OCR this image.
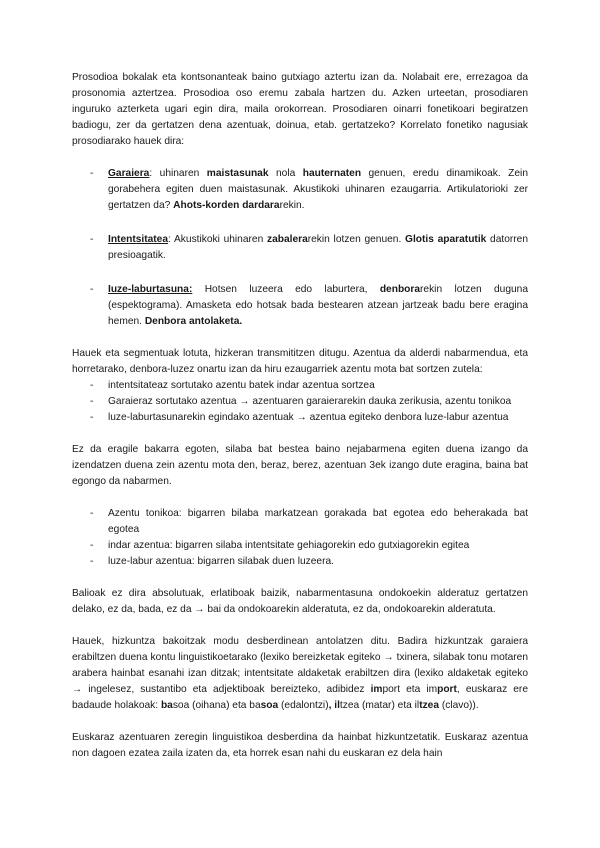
Prosodioa bokalak eta kontsonanteak baino gutxiago aztertu izan da. Nolabait ere, errezagoa da prosonomia aztertzea. Prosodioa oso eremu zabala hartzen du. Azken urteetan, prosodiaren inguruko azterketa ugari egin dira, maila orokorrean. Prosodiaren oinarri fonetikoari begiratzen badiogu, zer da gertatzen dena azentuak, doinua, etab. gertatzeko? Korrelato fonetiko nagusiak prosodiarako hauek dira:

- Garaiera: uhinaren maistasunak nola hauternaten genuen, eredu dinamikoak. Zein gorabehera egiten duen maistasunak. Akustikoki uhinaren ezaugarria. Artikulatorioki zer gertatzen da? Ahots-korden dardararekin.
- Intentsitatea: Akustikoki uhinaren zabalerarekin lotzen genuen. Glotis aparatutik datorren presioagatik.
- Iuze-laburtasuna: Hotsen luzeera edo laburtera, denborarekin lotzen duguna (espektograma). Amasketa edo hotsak bada bestearen atzean jartzeak badu bere eragina hemen. Denbora antolaketa.

Hauek eta segmentuak lotuta, hizkeran transmititzen ditugu. Azentua da alderdi nabarmendua, eta horretarako, denbora-luzez onartu izan da hiru ezaugarriek azentu mota bat sortzen zutela:

- intentsitateaz sortutako azentu batek indar azentua sortzea
- Garaieraz sortutako azentua → azentuaren garaierarekin dauka zerikusia, azentu tonikoa
- luze-laburtasunarekin egindako azentuak → azentua egiteko denbora luze-labur azentua

Ez da eragile bakarra egoten, silaba bat bestea baino nejabarmena egiten duena izango da izendatzen duena zein azentu mota den, beraz, berez, azentuan 3ek izango dute eragina, baina bat egongo da nabarmen.

- Azentu tonikoa: bigarren bilaba markatzean gorakada bat egotea edo beherakada bat egotea
- indar azentua: bigarren silaba intentsitate gehiagorekin edo gutxiagorekin egitea
- luze-labur azentua: bigarren silabak duen luzeera.

Balioak ez dira absolutuak, erlatiboak baizik, nabarmentasuna ondokoekin alderatuz gertatzen delako, ez da, bada, ez da → bai da ondokoarekin alderatuta, ez da, ondokoarekin alderatuta.

Hauek, hizkuntza bakoitzak modu desberdinean antolatzen ditu. Badira hizkuntzak garaiera erabiltzen duena kontu linguistikoetarako (lexiko bereizketak egiteko → txinera, silabak tonu motaren arabera hainbat esanahi izan ditzak; intentsitate aldaketak erabiltzen dira (lexiko aldaketak egiteko → ingelesez, sustantibo eta adjektiboak bereizteko, adibidez import eta import, euskaraz ere badaude holakoak: basoa (oihana) eta basoa (edalontzi), iltzea (matar) eta iltzea (clavo)).

Euskaraz azentuaren zeregin linguistikoa desberdina da hainbat hizkuntzetatik. Euskaraz azentua non dagoen ezatea zaila izaten da, eta horrek esan nahi du euskaran ez dela hain
